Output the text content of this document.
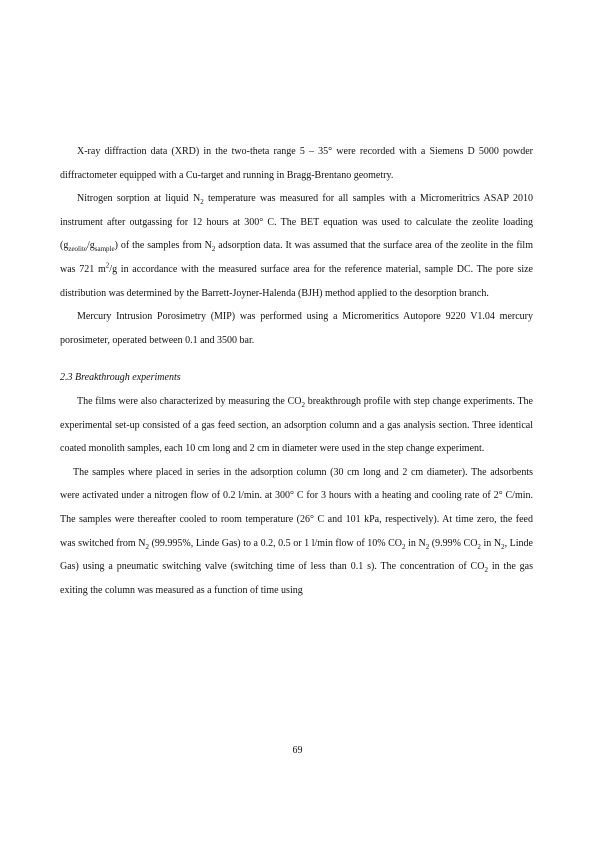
X-ray diffraction data (XRD) in the two-theta range 5 – 35° were recorded with a Siemens D 5000 powder diffractometer equipped with a Cu-target and running in Bragg-Brentano geometry.

Nitrogen sorption at liquid $N_2$ temperature was measured for all samples with a Micromeritrics ASAP 2010 instrument after outgassing for 12 hours at 300° C. The BET equation was used to calculate the zeolite loading $(g_{zeolite}/g_{sample})$ of the samples from $N_2$ adsorption data. It was assumed that the surface area of the zeolite in the film was 721 $m^2/g$ in accordance with the measured surface area for the reference material, sample DC. The pore size distribution was determined by the Barrett-Joyner-Halenda (BJH) method applied to the desorption branch.

Mercury Intrusion Porosimetry (MIP) was performed using a Micromeritics Autopore 9220 V1.04 mercury porosimeter, operated between 0.1 and 3500 bar.

2.3 Breakthrough experiments

The films were also characterized by measuring the $CO_2$ breakthrough profile with step change experiments. The experimental set-up consisted of a gas feed section, an adsorption column and a gas analysis section. Three identical coated monolith samples, each 10 cm long and 2 cm in diameter were used in the step change experiment.

The samples where placed in series in the adsorption column (30 cm long and 2 cm diameter). The adsorbents were activated under a nitrogen flow of 0.2 l/min. at 300° C for 3 hours with a heating and cooling rate of 2° C/min. The samples were thereafter cooled to room temperature (26° C and 101 kPa, respectively). At time zero, the feed was switched from $N_2$ (99.995%, Linde Gas) to a 0.2, 0.5 or 1 l/min flow of 10% $CO_2$ in $N_2$ (9.99% $CO_2$ in $N_2$, Linde Gas) using a pneumatic switching valve (switching time of less than 0.1 s). The concentration of $CO_2$ in the gas exiting the column was measured as a function of time using

69
